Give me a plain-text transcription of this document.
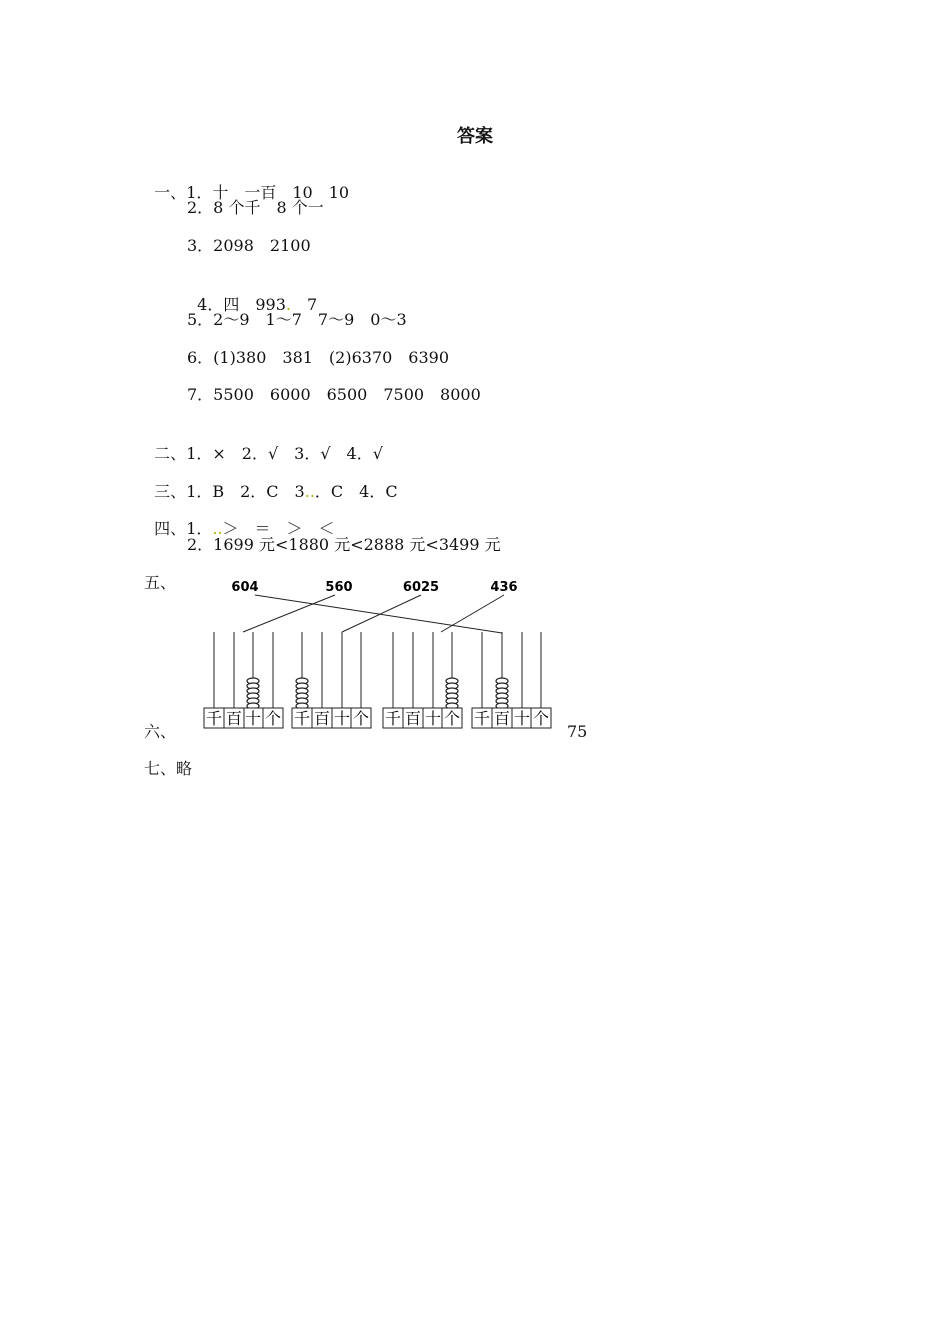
答案

一、1．十　一百　10　10

2．8 个千　8 个一
3．2098　2100

4．四　993.　7

5．2～9　1～7　7～9　0～3
6．(1)380　381　(2)6370　6390
7．5500　6000　6500　7500　8000

二、1．×　2．√　3．√　4．√

三、1．B　2．C　3..．C　4．C

四、1．..＞　＝　＞　＜

2．1699 元<1880 元<2888 元<3499 元
五、	604	560	6025	436
千 百 十 个 千 百 十 个 千 百 十 个 千 百 十 个
六、	75
七、略
